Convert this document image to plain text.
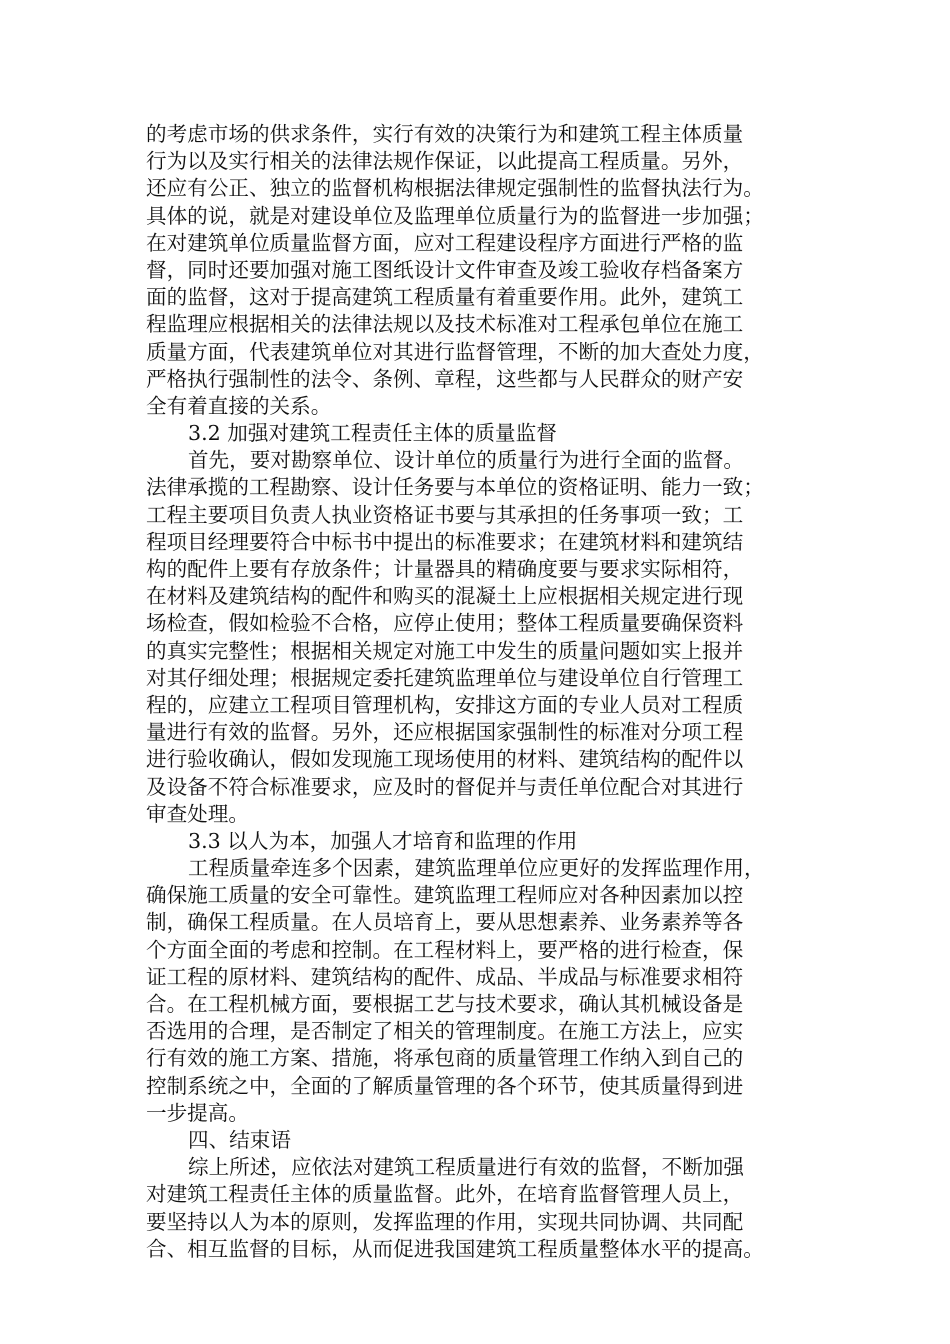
的考虑市场的供求条件，实行有效的决策行为和建筑工程主体质量
行为以及实行相关的法律法规作保证，以此提高工程质量。另外，
还应有公正、独立的监督机构根据法律规定强制性的监督执法行为。
具体的说，就是对建设单位及监理单位质量行为的监督进一步加强；
在对建筑单位质量监督方面，应对工程建设程序方面进行严格的监
督，同时还要加强对施工图纸设计文件审查及竣工验收存档备案方
面的监督，这对于提高建筑工程质量有着重要作用。此外，建筑工
程监理应根据相关的法律法规以及技术标准对工程承包单位在施工
质量方面，代表建筑单位对其进行监督管理，不断的加大查处力度，
严格执行强制性的法令、条例、章程，这些都与人民群众的财产安
全有着直接的关系。
3.2 加强对建筑工程责任主体的质量监督
首先，要对勘察单位、设计单位的质量行为进行全面的监督。
法律承揽的工程勘察、设计任务要与本单位的资格证明、能力一致；
工程主要项目负责人执业资格证书要与其承担的任务事项一致；工
程项目经理要符合中标书中提出的标准要求；在建筑材料和建筑结
构的配件上要有存放条件；计量器具的精确度要与要求实际相符，
在材料及建筑结构的配件和购买的混凝土上应根据相关规定进行现
场检查，假如检验不合格，应停止使用；整体工程质量要确保资料
的真实完整性；根据相关规定对施工中发生的质量问题如实上报并
对其仔细处理；根据规定委托建筑监理单位与建设单位自行管理工
程的，应建立工程项目管理机构，安排这方面的专业人员对工程质
量进行有效的监督。另外，还应根据国家强制性的标准对分项工程
进行验收确认，假如发现施工现场使用的材料、建筑结构的配件以
及设备不符合标准要求，应及时的督促并与责任单位配合对其进行
审查处理。
3.3 以人为本，加强人才培育和监理的作用
工程质量牵连多个因素，建筑监理单位应更好的发挥监理作用，
确保施工质量的安全可靠性。建筑监理工程师应对各种因素加以控
制，确保工程质量。在人员培育上，要从思想素养、业务素养等各
个方面全面的考虑和控制。在工程材料上，要严格的进行检查，保
证工程的原材料、建筑结构的配件、成品、半成品与标准要求相符
合。在工程机械方面，要根据工艺与技术要求，确认其机械设备是
否选用的合理，是否制定了相关的管理制度。在施工方法上，应实
行有效的施工方案、措施，将承包商的质量管理工作纳入到自己的
控制系统之中，全面的了解质量管理的各个环节，使其质量得到进
一步提高。
四、结束语
综上所述，应依法对建筑工程质量进行有效的监督，不断加强
对建筑工程责任主体的质量监督。此外，在培育监督管理人员上，
要坚持以人为本的原则，发挥监理的作用，实现共同协调、共同配
合、相互监督的目标，从而促进我国建筑工程质量整体水平的提高。
